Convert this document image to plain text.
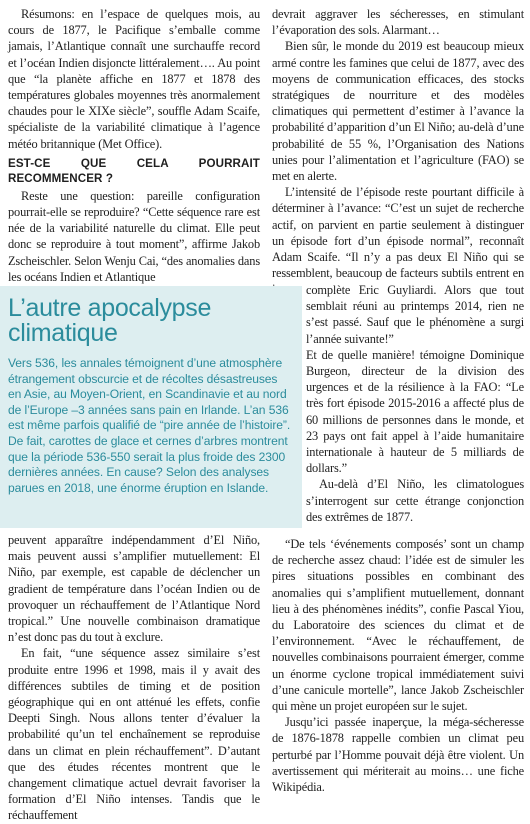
Résumons: en l’espace de quelques mois, au cours de 1877, le Pacifique s’emballe comme jamais, l’Atlantique connaît une surchauffe record et l’océan Indien disjoncte littéralement…. Au point que “la planète affiche en 1877 et 1878 des températures globales moyennes très anormalement chaudes pour le XIXe siècle”, souffle Adam Scaife, spécialiste de la variabilité climatique à l’agence météo britannique (Met Office).

EST-CE QUE CELA POURRAIT RECOMMENCER ?

Reste une question: pareille configuration pourrait-elle se reproduire? “Cette séquence rare est née de la variabilité naturelle du climat. Elle peut donc se reproduire à tout moment”, affirme Jakob Zscheischler. Selon Wenju Cai, “des anomalies dans les océans Indien et Atlantique

L’autre apocalypse climatique

Vers 536, les annales témoignent d’une atmosphère étrangement obscurcie et de récoltes désastreuses en Asie, au Moyen-Orient, en Scandinavie et au nord de l’Europe –3 années sans pain en Irlande. L’an 536 est même parfois qualifié de “pire année de l’histoire”. De fait, carottes de glace et cernes d’arbres montrent que la période 536-550 serait la plus froide des 2300 dernières années. En cause? Selon des analyses parues en 2018, une énorme éruption en Islande.

peuvent apparaître indépendamment d’El Niño, mais peuvent aussi s’amplifier mutuellement: El Niño, par exemple, est capable de déclencher un gradient de température dans l’océan Indien ou de provoquer un réchauffement de l’Atlantique Nord tropical.” Une nouvelle combinaison dramatique n’est donc pas du tout à exclure.

En fait, “une séquence assez similaire s’est produite entre 1996 et 1998, mais il y avait des différences subtiles de timing et de position géographique qui en ont atténué les effets, confie Deepti Singh. Nous allons tenter d’évaluer la probabilité qu’un tel enchaînement se reproduise dans un climat en plein réchauffement”. D’autant que des études récentes montrent que le changement climatique actuel devrait favoriser la formation d’El Niño intenses. Tandis que le réchauffement

devrait aggraver les sécheresses, en stimulant l’évaporation des sols. Alarmant…

Bien sûr, le monde du 2019 est beaucoup mieux armé contre les famines que celui de 1877, avec des moyens de communication efficaces, des stocks stratégiques de nourriture et des modèles climatiques qui permettent d’estimer à l’avance la probabilité d’apparition d’un El Niño; au-delà d’une probabilité de 55 %, l’Organisation des Nations unies pour l’alimentation et l’agriculture (FAO) se met en alerte.

L’intensité de l’épisode reste pourtant difficile à déterminer à l’avance: “C’est un sujet de recherche actif, on parvient en partie seulement à distinguer un épisode fort d’un épisode normal”, reconnaît Adam Scaife. “Il n’y a pas deux El Niño qui se ressemblent, beaucoup de facteurs subtils entrent en

complète Eric Guyliardi. Alors que tout semblait réuni au printemps 2014, rien ne s’est passé. Sauf que le phénomène a surgi l’année suivante!”

Et de quelle manière! témoigne Dominique Burgeon, directeur de la division des urgences et de la résilience à la FAO: “Le très fort épisode 2015-2016 a affecté plus de 60 millions de personnes dans le monde, et 23 pays ont fait appel à l’aide humanitaire internationale à hauteur de 5 milliards de dollars.”

Au-delà d’El Niño, les climatologues s’interrogent sur cette étrange conjonction des extrêmes de 1877.

“De tels ‘événements composés’ sont un champ de recherche assez chaud: l’idée est de simuler les pires situations possibles en combinant des anomalies qui s’amplifient mutuellement, donnant lieu à des phénomènes inédits”, confie Pascal Yiou, du Laboratoire des sciences du climat et de l’environnement. “Avec le réchauffement, de nouvelles combinaisons pourraient émerger, comme un énorme cyclone tropical immédiatement suivi d’une canicule mortelle”, lance Jakob Zscheischler qui mène un projet européen sur le sujet.

Jusqu’ici passée inaperçue, la méga-sécheresse de 1876-1878 rappelle combien un climat peu perturbé par l’Homme pouvait déjà être violent. Un avertissement qui mériterait au moins… une fiche Wikipédia.
